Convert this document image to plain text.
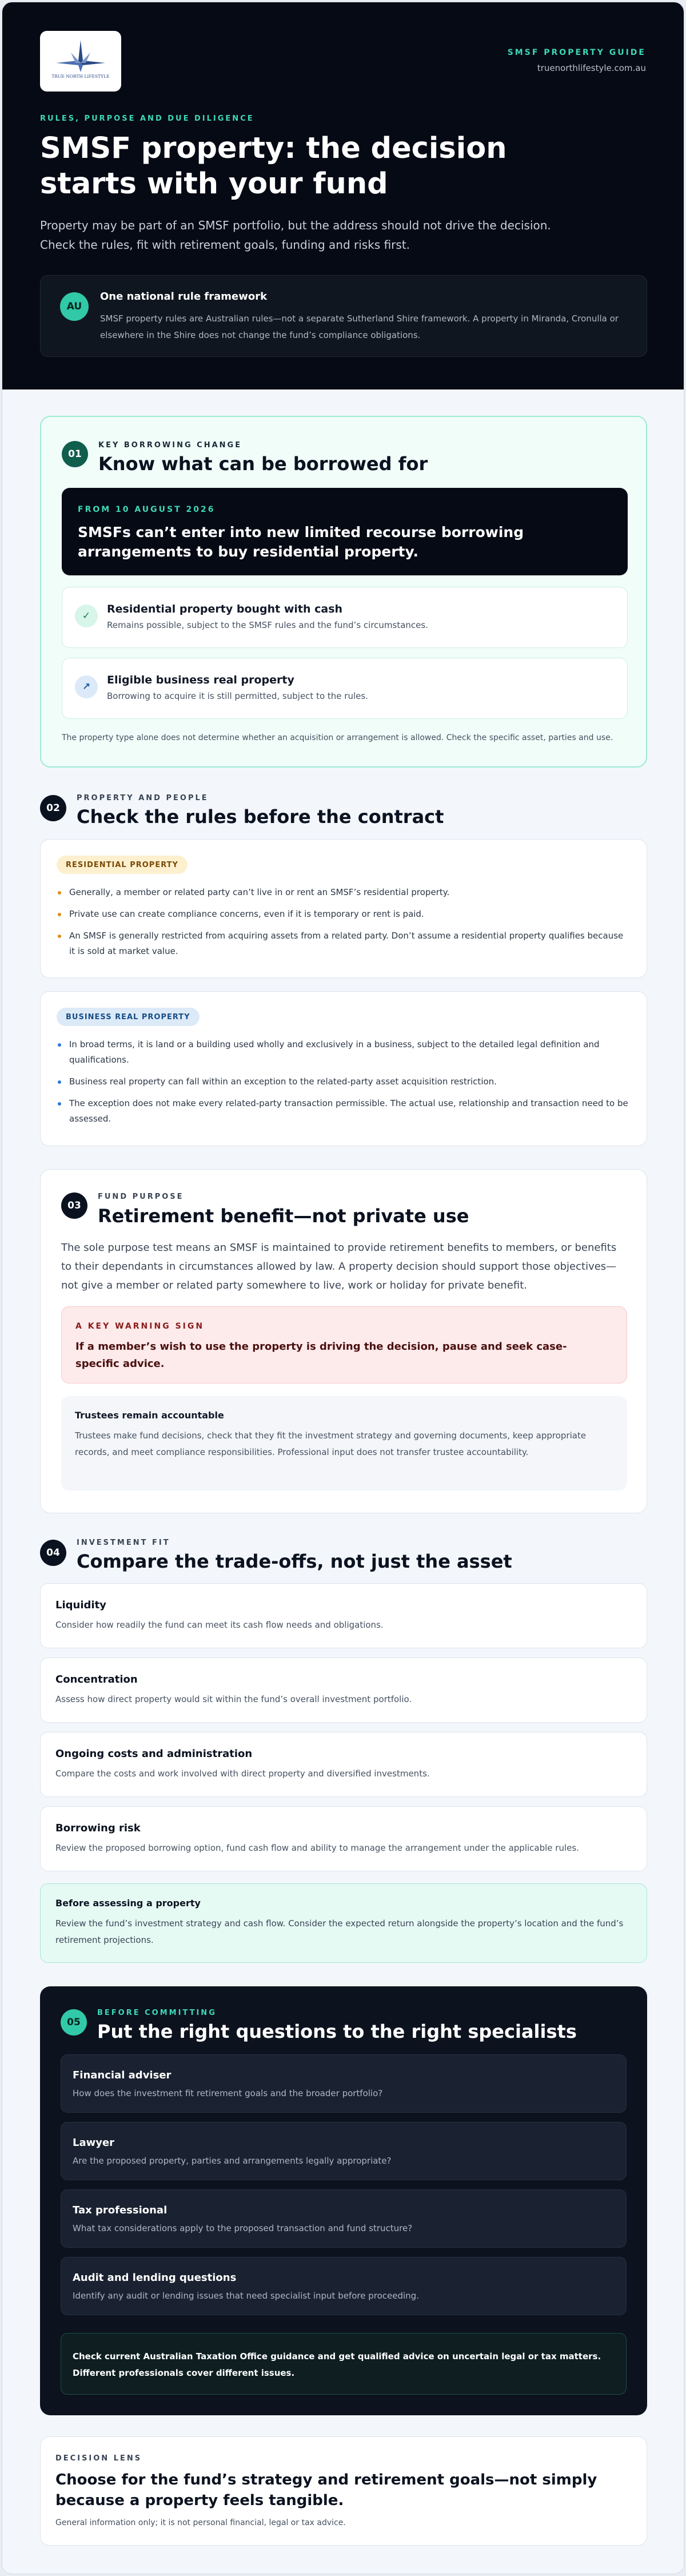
TRUE NORTH LIFESTYLE
SMSF PROPERTY GUIDE
truenorthlifestyle.com.au
RULES, PURPOSE AND DUE DILIGENCE
SMSF property: the decision starts with your fund

Property may be part of an SMSF portfolio, but the address should not drive the decision. Check the rules, fit with retirement goals, funding and risks first.

AU
One national rule framework
SMSF property rules are Australian rules—not a separate Sutherland Shire framework. A property in Miranda, Cronulla or elsewhere in the Shire does not change the fund’s compliance obligations.
01
KEY BORROWING CHANGE
Know what can be borrowed for
FROM 10 AUGUST 2026
SMSFs can’t enter into new limited recourse borrowing arrangements to buy residential property.
✓
Residential property bought with cash
Remains possible, subject to the SMSF rules and the fund’s circumstances.
↗
Eligible business real property
Borrowing to acquire it is still permitted, subject to the rules.
The property type alone does not determine whether an acquisition or arrangement is allowed. Check the specific asset, parties and use.
02
PROPERTY AND PEOPLE
Check the rules before the contract
RESIDENTIAL PROPERTY
Generally, a member or related party can’t live in or rent an SMSF’s residential property.
Private use can create compliance concerns, even if it is temporary or rent is paid.
An SMSF is generally restricted from acquiring assets from a related party. Don’t assume a residential property qualifies because it is sold at market value.
BUSINESS REAL PROPERTY
In broad terms, it is land or a building used wholly and exclusively in a business, subject to the detailed legal definition and qualifications.
Business real property can fall within an exception to the related-party asset acquisition restriction.
The exception does not make every related-party transaction permissible. The actual use, relationship and transaction need to be assessed.
03
FUND PURPOSE
Retirement benefit—not private use

The sole purpose test means an SMSF is maintained to provide retirement benefits to members, or benefits to their dependants in circumstances allowed by law. A property decision should support those objectives—not give a member or related party somewhere to live, work or holiday for private benefit.

A KEY WARNING SIGN
If a member’s wish to use the property is driving the decision, pause and seek case-specific advice.
Trustees remain accountable
Trustees make fund decisions, check that they fit the investment strategy and governing documents, keep appropriate records, and meet compliance responsibilities. Professional input does not transfer trustee accountability.
04
INVESTMENT FIT
Compare the trade-offs, not just the asset
Liquidity
Consider how readily the fund can meet its cash flow needs and obligations.
Concentration
Assess how direct property would sit within the fund’s overall investment portfolio.
Ongoing costs and administration
Compare the costs and work involved with direct property and diversified investments.
Borrowing risk
Review the proposed borrowing option, fund cash flow and ability to manage the arrangement under the applicable rules.
Before assessing a property
Review the fund’s investment strategy and cash flow. Consider the expected return alongside the property’s location and the fund’s retirement projections.
05
BEFORE COMMITTING
Put the right questions to the right specialists
Financial adviser
How does the investment fit retirement goals and the broader portfolio?
Lawyer
Are the proposed property, parties and arrangements legally appropriate?
Tax professional
What tax considerations apply to the proposed transaction and fund structure?
Audit and lending questions
Identify any audit or lending issues that need specialist input before proceeding.
Check current Australian Taxation Office guidance and get qualified advice on uncertain legal or tax matters. Different professionals cover different issues.
DECISION LENS
Choose for the fund’s strategy and retirement goals—not simply because a property feels tangible.
General information only; it is not personal financial, legal or tax advice.
